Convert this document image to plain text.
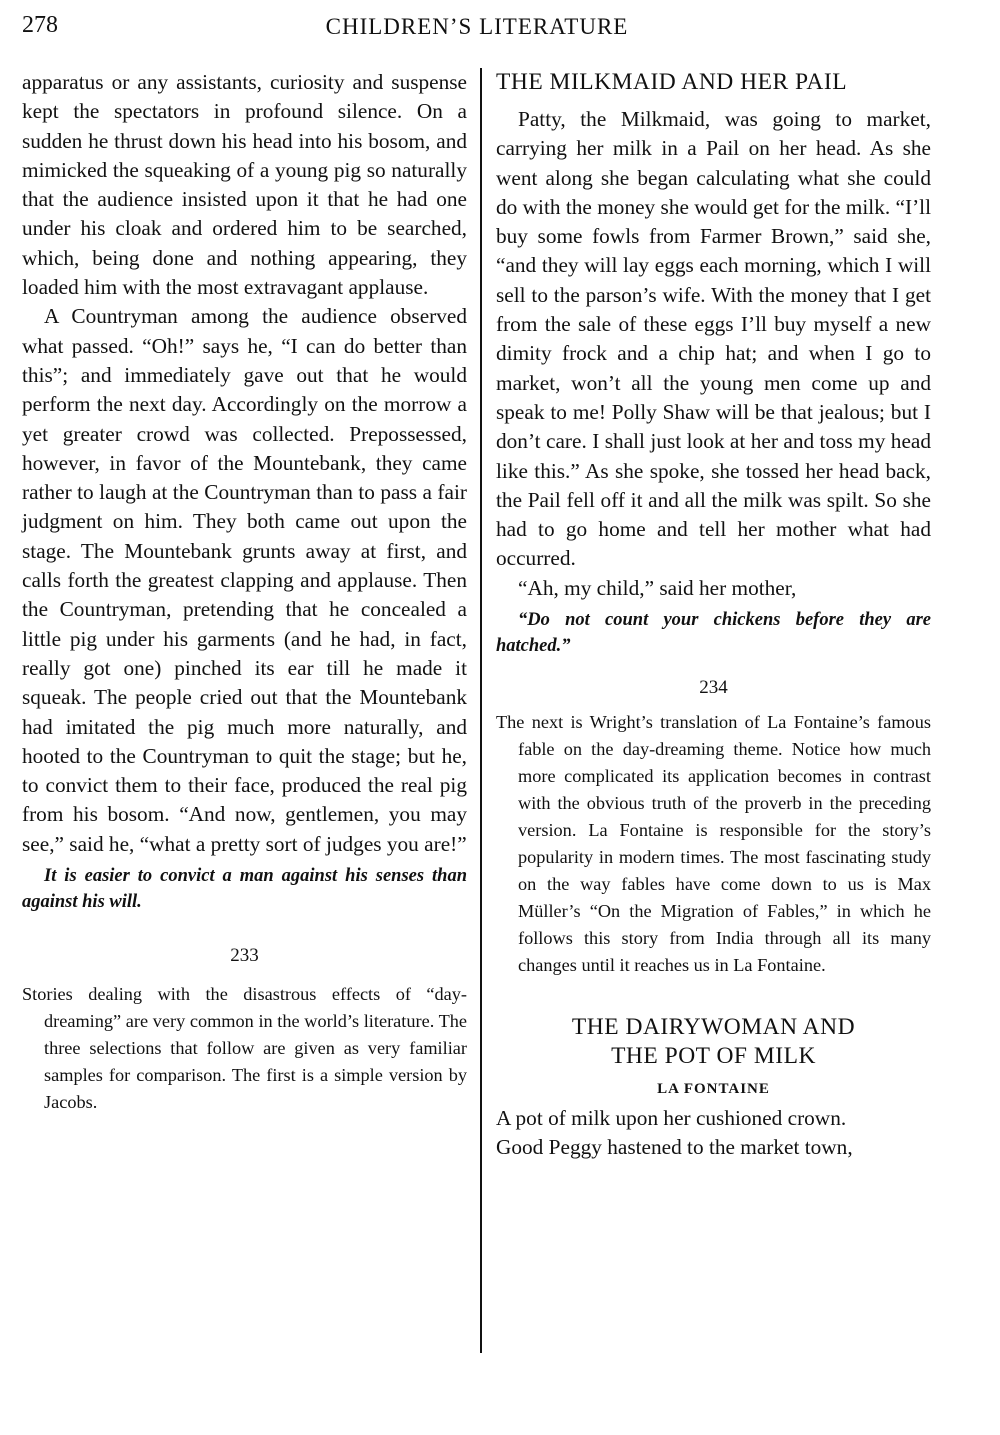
278	CHILDREN’S LITERATURE

apparatus or any assistants, curiosity and suspense kept the spectators in profound silence. On a sudden he thrust down his head into his bosom, and mimicked the squeaking of a young pig so naturally that the audience insisted upon it that he had one under his cloak and ordered him to be searched, which, being done and nothing appearing, they loaded him with the most extravagant applause.

A Countryman among the audience observed what passed. “Oh!” says he, “I can do better than this”; and immediately gave out that he would perform the next day. Accordingly on the morrow a yet greater crowd was collected. Prepossessed, however, in favor of the Mountebank, they came rather to laugh at the Countryman than to pass a fair judgment on him. They both came out upon the stage. The Mountebank grunts away at first, and calls forth the greatest clapping and applause. Then the Countryman, pretending that he concealed a little pig under his garments (and he had, in fact, really got one) pinched its ear till he made it squeak. The people cried out that the Mountebank had imitated the pig much more naturally, and hooted to the Countryman to quit the stage; but he, to convict them to their face, produced the real pig from his bosom. “And now, gentlemen, you may see,” said he, “what a pretty sort of judges you are!”

It is easier to convict a man against his senses than against his will.

233

Stories dealing with the disastrous effects of “day-dreaming” are very common in the world’s literature. The three selections that follow are given as very familiar samples for comparison. The first is a simple version by Jacobs.

THE MILKMAID AND HER PAIL

Patty, the Milkmaid, was going to market, carrying her milk in a Pail on her head. As she went along she began calculating what she could do with the money she would get for the milk. “I’ll buy some fowls from Farmer Brown,” said she, “and they will lay eggs each morning, which I will sell to the parson’s wife. With the money that I get from the sale of these eggs I’ll buy myself a new dimity frock and a chip hat; and when I go to market, won’t all the young men come up and speak to me! Polly Shaw will be that jealous; but I don’t care. I shall just look at her and toss my head like this.” As she spoke, she tossed her head back, the Pail fell off it and all the milk was spilt. So she had to go home and tell her mother what had occurred.

“Ah, my child,” said her mother,

“Do not count your chickens before they are hatched.”

234

The next is Wright’s translation of La Fontaine’s famous fable on the day-dreaming theme. Notice how much more complicated its application becomes in contrast with the obvious truth of the proverb in the preceding version. La Fontaine is responsible for the story’s popularity in modern times. The most fascinating study on the way fables have come down to us is Max Müller’s “On the Migration of Fables,” in which he follows this story from India through all its many changes until it reaches us in La Fontaine.

THE DAIRYWOMAN AND
THE POT OF MILK
LA FONTAINE
A pot of milk upon her cushioned crown.
Good Peggy hastened to the market town,
